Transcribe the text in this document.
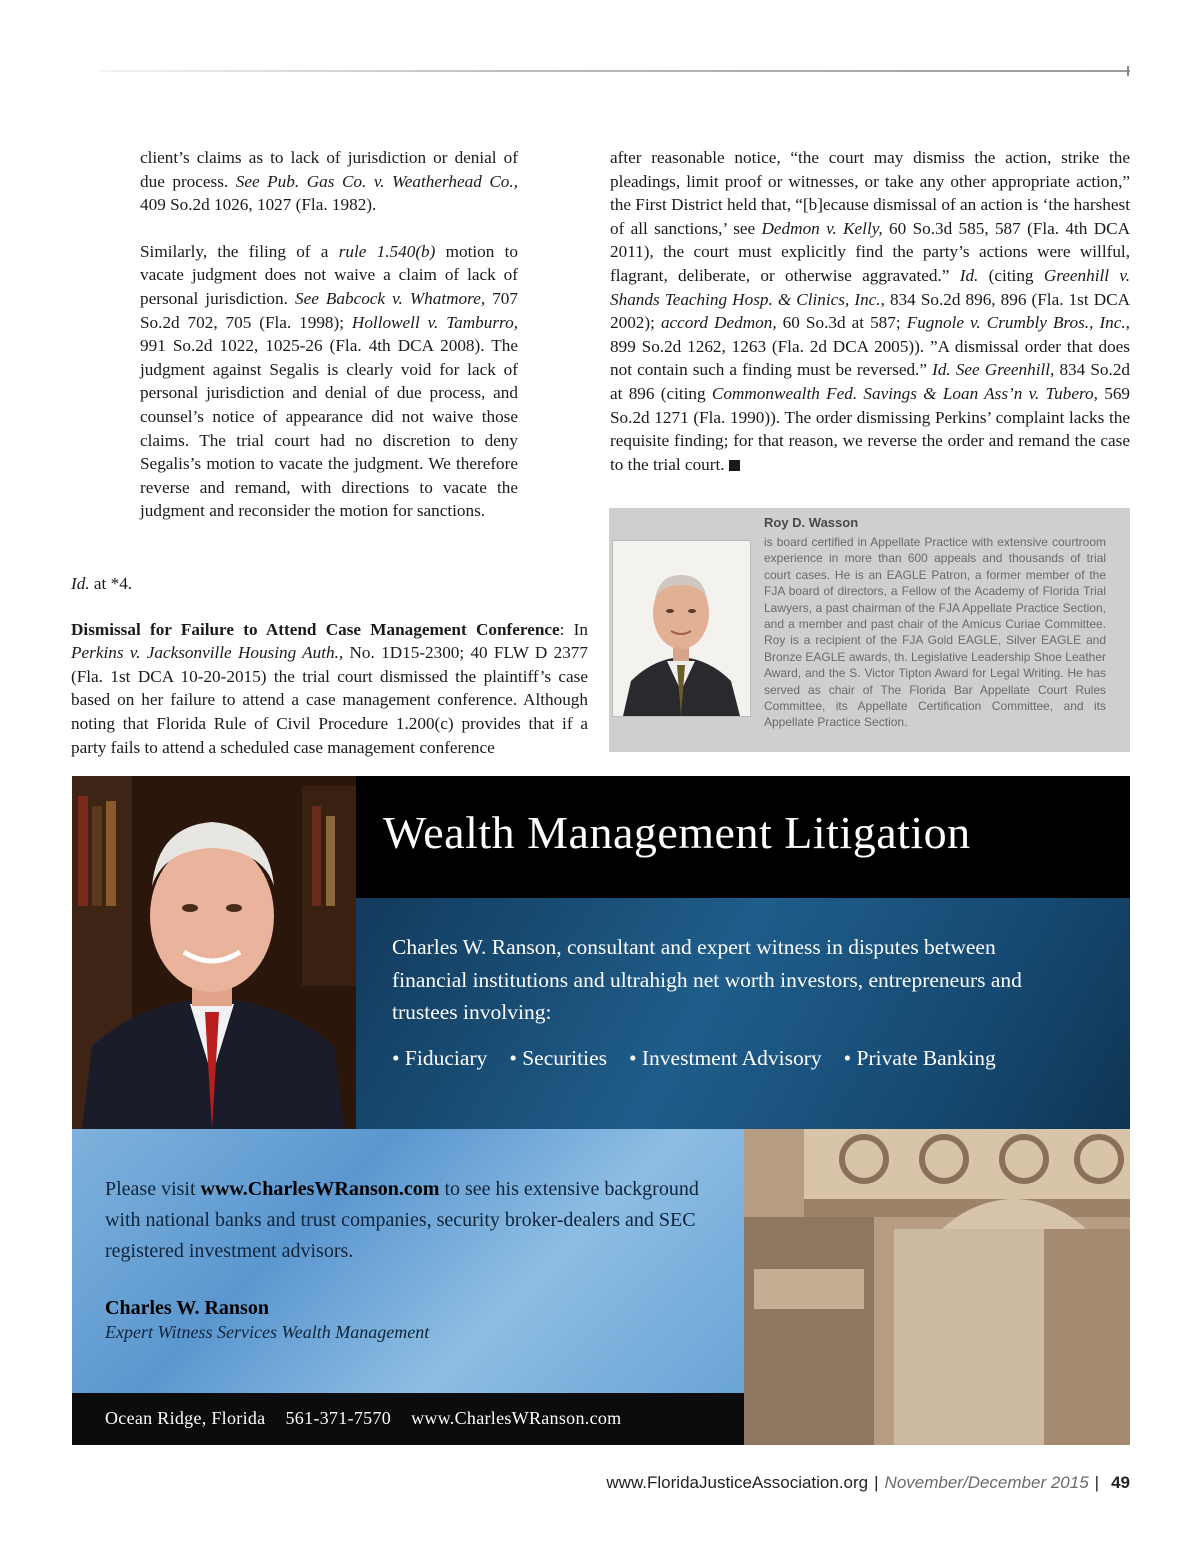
client’s claims as to lack of jurisdiction or denial of due process. See Pub. Gas Co. v. Weatherhead Co., 409 So.2d 1026, 1027 (Fla. 1982).

Similarly, the filing of a rule 1.540(b) motion to vacate judgment does not waive a claim of lack of personal jurisdiction. See Babcock v. Whatmore, 707 So.2d 702, 705 (Fla. 1998); Hollowell v. Tamburro, 991 So.2d 1022, 1025-26 (Fla. 4th DCA 2008). The judgment against Segalis is clearly void for lack of personal jurisdiction and denial of due process, and counsel’s notice of appearance did not waive those claims. The trial court had no discretion to deny Segalis’s motion to vacate the judgment. We therefore reverse and remand, with directions to vacate the judgment and reconsider the motion for sanctions.

Id. at *4.

Dismissal for Failure to Attend Case Management Conference: In Perkins v. Jacksonville Housing Auth., No. 1D15-2300; 40 FLW D 2377 (Fla. 1st DCA 10-20-2015) the trial court dismissed the plaintiff’s case based on her failure to attend a case management conference. Although noting that Florida Rule of Civil Procedure 1.200(c) provides that if a party fails to attend a scheduled case management conference

after reasonable notice, “the court may dismiss the action, strike the pleadings, limit proof or witnesses, or take any other appropriate action,” the First District held that, “[b]ecause dismissal of an action is ‘the harshest of all sanctions,’ see Dedmon v. Kelly, 60 So.3d 585, 587 (Fla. 4th DCA 2011), the court must explicitly find the party’s actions were willful, flagrant, deliberate, or otherwise aggravated.” Id. (citing Greenhill v. Shands Teaching Hosp. & Clinics, Inc., 834 So.2d 896, 896 (Fla. 1st DCA 2002); accord Dedmon, 60 So.3d at 587; Fugnole v. Crumbly Bros., Inc., 899 So.2d 1262, 1263 (Fla. 2d DCA 2005)). ”A dismissal order that does not contain such a finding must be reversed.” Id. See Greenhill, 834 So.2d at 896 (citing Commonwealth Fed. Savings & Loan Ass’n v. Tubero, 569 So.2d 1271 (Fla. 1990)). The order dismissing Perkins’ complaint lacks the requisite finding; for that reason, we reverse the order and remand the case to the trial court.

Roy D. Wasson
is board certified in Appellate Practice with extensive courtroom experience in more than 600 appeals and thousands of trial court cases. He is an EAGLE Patron, a former member of the FJA board of directors, a Fellow of the Academy of Florida Trial Lawyers, a past chairman of the FJA Appellate Practice Section, and a member and past chair of the Amicus Curiae Committee. Roy is a recipient of the FJA Gold EAGLE, Silver EAGLE and Bronze EAGLE awards, th. Legislative Leadership Shoe Leather Award, and the S. Victor Tipton Award for Legal Writing. He has served as chair of The Florida Bar Appellate Court Rules Committee, its Appellate Certification Committee, and its Appellate Practice Section.
Wealth Management Litigation
Charles W. Ranson, consultant and expert witness in disputes between financial institutions and ultrahigh net worth investors, entrepreneurs and trustees involving:
• Fiduciary • Securities • Investment Advisory • Private Banking
Please visit www.CharlesWRanson.com to see his extensive background with national banks and trust companies, security broker-dealers and SEC registered investment advisors.
Charles W. Ranson
Expert Witness Services Wealth Management
Ocean Ridge, Florida 561-371-7570 www.CharlesWRanson.com
www.FloridaJusticeAssociation.org | November/December 2015 | 49
